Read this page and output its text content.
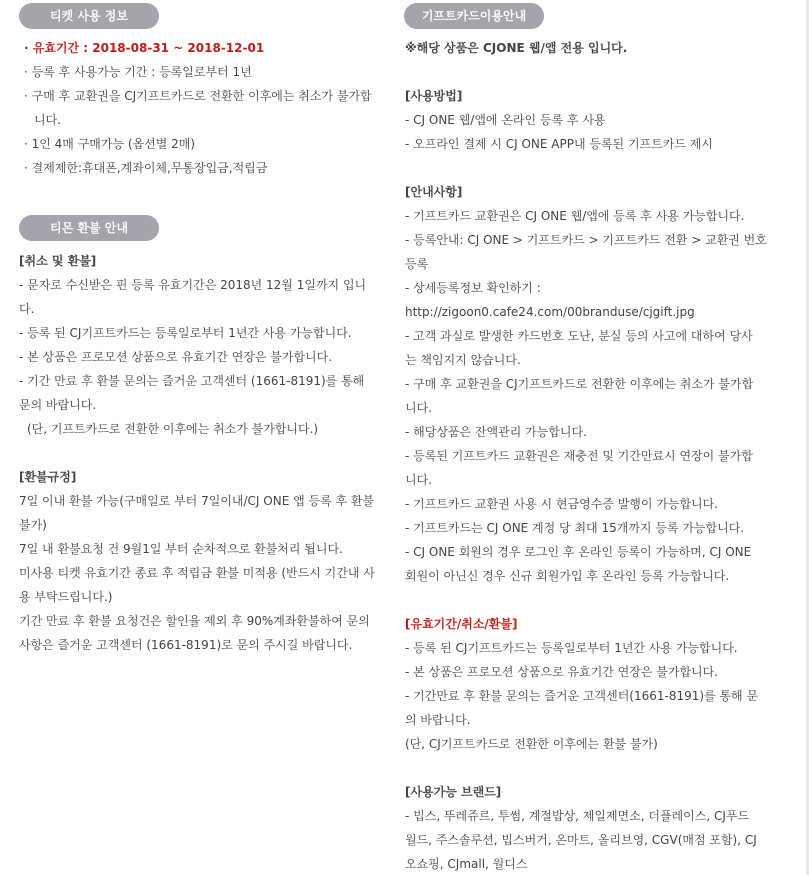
티켓 사용 정보
· 유효기간 : 2018-08-31 ~ 2018-12-01
· 등록 후 사용가능 기간 : 등록일로부터 1년
· 구매 후 교환권을 CJ기프트카드로 전환한 이후에는 취소가 불가합
니다.
· 1인 4매 구매가능 (옵션별 2매)
· 결제제한:휴대폰,계좌이체,무통장입금,적립금
티몬 환불 안내
[취소 및 환불]
- 문자로 수신받은 핀 등록 유효기간은 2018년 12월 1일까지 입니
다.
- 등록 된 CJ기프트카드는 등록일로부터 1년간 사용 가능합니다.
- 본 상품은 프로모션 상품으로 유효기간 연장은 불가합니다.
- 기간 만료 후 환불 문의는 즐거운 고객센터 (1661-8191)를 통해
문의 바랍니다.
(단, 기프트카드로 전환한 이후에는 취소가 불가합니다.)
[환불규정]
7일 이내 환불 가능(구매일로 부터 7일이내/CJ ONE 앱 등록 후 환불
불가)
7일 내 환불요청 건 9월1일 부터 순차적으로 환불처리 됩니다.
미사용 티켓 유효기간 종료 후 적립금 환불 미적용 (반드시 기간내 사
용 부탁드립니다.)
기간 만료 후 환불 요청건은 할인율 제외 후 90%계좌환불하여 문의
사항은 즐거운 고객센터 (1661-8191)로 문의 주시길 바랍니다.
기프트카드이용안내
※해당 상품은 CJONE 웹/앱 전용 입니다.
[사용방법]
- CJ ONE 웹/앱에 온라인 등록 후 사용
- 오프라인 결제 시 CJ ONE APP내 등록된 기프트카드 제시
[안내사항]
- 기프트카드 교환권은 CJ ONE 웹/앱에 등록 후 사용 가능합니다.
- 등록안내: CJ ONE > 기프트카드 > 기프트카드 전환 > 교환권 번호
등록
- 상세등록정보 확인하기 :
http://zigoon0.cafe24.com/00branduse/cjgift.jpg
- 고객 과실로 발생한 카드번호 도난, 분실 등의 사고에 대하여 당사
는 책임지지 않습니다.
- 구매 후 교환권을 CJ기프트카드로 전환한 이후에는 취소가 불가합
니다.
- 해당상품은 잔액관리 가능합니다.
- 등록된 기프트카드 교환권은 재충전 및 기간만료시 연장이 불가합
니다.
- 기프트카드 교환권 사용 시 현금영수증 발행이 가능합니다.
- 기프트카드는 CJ ONE 계정 당 최대 15개까지 등록 가능합니다.
- CJ ONE 회원의 경우 로그인 후 온라인 등록이 가능하며, CJ ONE
회원이 아닌신 경우 신규 회원가입 후 온라인 등록 가능합니다.
[유효기간/취소/환불]
- 등록 된 CJ기프트카드는 등록일로부터 1년간 사용 가능합니다.
- 본 상품은 프로모션 상품으로 유효기간 연장은 불가합니다.
- 기간만료 후 환불 문의는 즐거운 고객센터(1661-8191)를 통해 문
의 바랍니다.
(단, CJ기프트카드로 전환한 이후에는 환불 불가)
[사용가능 브랜드]
- 빕스, 뚜레쥬르, 투썸, 계절밥상, 제일제면소, 더플레이스, CJ푸드
월드, 주스솔루션, 빕스버거, 온마트, 올리브영, CGV(매점 포함), CJ
오쇼핑, CJmall, 월디스
